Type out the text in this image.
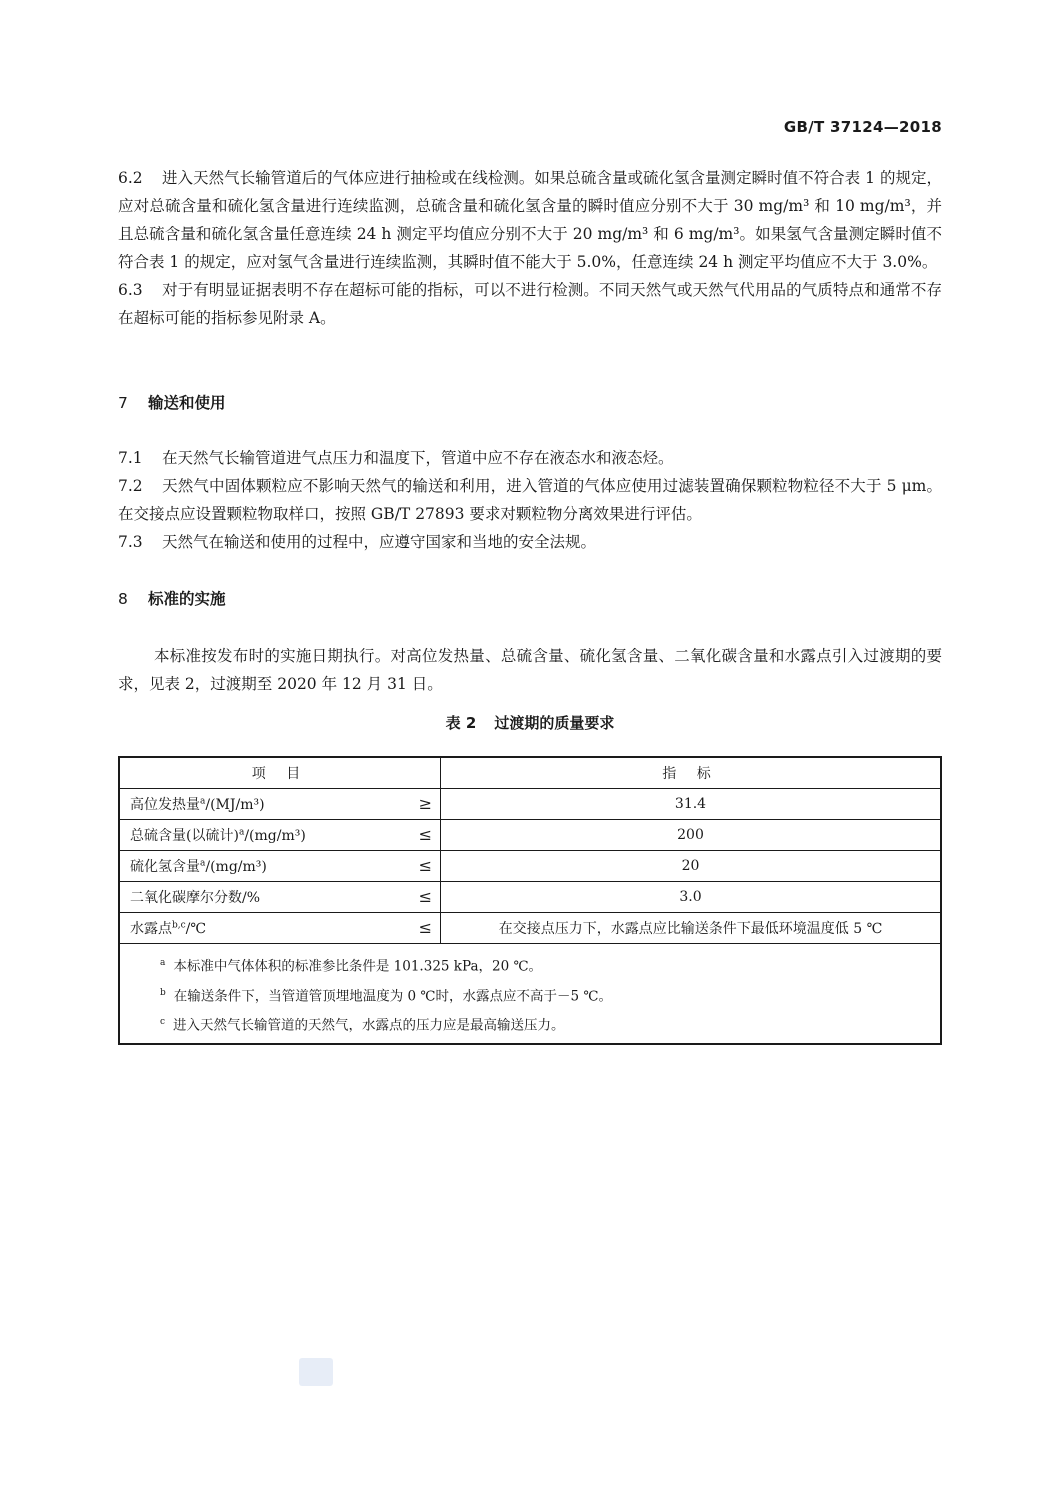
GB/T 37124—2018

6.2 进入天然气长输管道后的气体应进行抽检或在线检测。如果总硫含量或硫化氢含量测定瞬时值不符合表 1 的规定，应对总硫含量和硫化氢含量进行连续监测，总硫含量和硫化氢含量的瞬时值应分别不大于 30 mg/m³ 和 10 mg/m³，并且总硫含量和硫化氢含量任意连续 24 h 测定平均值应分别不大于 20 mg/m³ 和 6 mg/m³。如果氢气含量测定瞬时值不符合表 1 的规定，应对氢气含量进行连续监测，其瞬时值不能大于 5.0%，任意连续 24 h 测定平均值应不大于 3.0%。

6.3 对于有明显证据表明不存在超标可能的指标，可以不进行检测。不同天然气或天然气代用品的气质特点和通常不存在超标可能的指标参见附录 A。

7 输送和使用

7.1 在天然气长输管道进气点压力和温度下，管道中应不存在液态水和液态烃。

7.2 天然气中固体颗粒应不影响天然气的输送和利用，进入管道的气体应使用过滤装置确保颗粒物粒径不大于 5 μm。在交接点应设置颗粒物取样口，按照 GB/T 27893 要求对颗粒物分离效果进行评估。

7.3 天然气在输送和使用的过程中，应遵守国家和当地的安全法规。

8 标准的实施

本标准按发布时的实施日期执行。对高位发热量、总硫含量、硫化氢含量、二氧化碳含量和水露点引入过渡期的要求，见表 2，过渡期至 2020 年 12 月 31 日。

表 2 过渡期的质量要求
项 目	指 标
高位发热量$^a$/(MJ/m³) ≥	31.4
总硫含量(以硫计)$^a$/(mg/m³) ≤	200
硫化氢含量$^a$/(mg/m³) ≤	20
二氧化碳摩尔分数/% ≤	3.0
水露点$^{b,c}$/℃ ≤	在交接点压力下，水露点应比输送条件下最低环境温度低 5 ℃

$^a$ 本标准中气体体积的标准参比条件是 101.325 kPa，20 ℃。
$^b$ 在输送条件下，当管道管顶埋地温度为 0 ℃时，水露点应不高于－5 ℃。
$^c$ 进入天然气长输管道的天然气，水露点的压力应是最高输送压力。	
